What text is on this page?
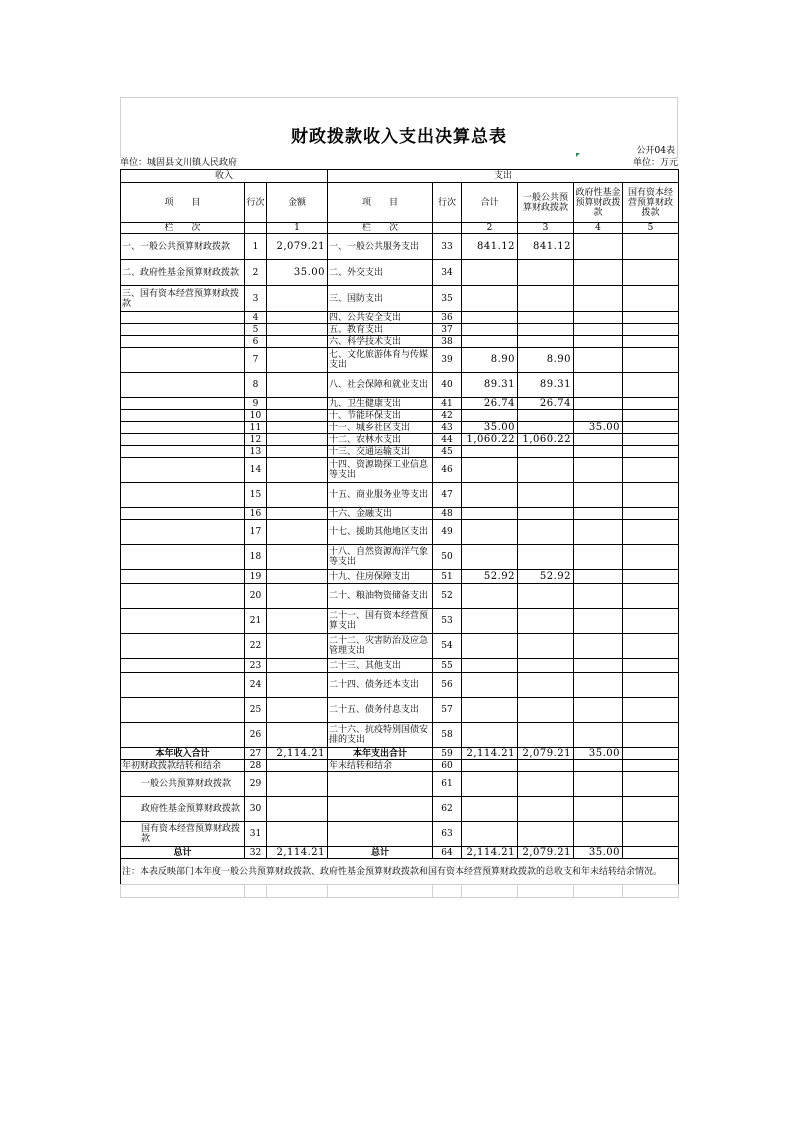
财政拨款收入支出决算总表
公开04表
单位：城固县文川镇人民政府	单位：万元
收入			支出					
项　　目	行次	金额	项　　目	行次	合计	一般公共预算财政拨款	政府性基金预算财政拨款	国有资本经营预算财政拨款
栏　　次		1	栏　　次		2	3	4	5
一、一般公共预算财政拨款	1	2,079.21	一、一般公共服务支出	33	841.12	841.12		
二、政府性基金预算财政拨款	2	35.00	二、外交支出	34				
三、国有资本经营预算财政拨款	3		三、国防支出	35				
	4		四、公共安全支出	36				
	5		五、教育支出	37				
	6		六、科学技术支出	38				
	7		七、文化旅游体育与传媒支出	39	8.90	8.90		
	8		八、社会保障和就业支出	40	89.31	89.31		
	9		九、卫生健康支出	41	26.74	26.74		
	10		十、节能环保支出	42				
	11		十一、城乡社区支出	43	35.00		35.00	
	12		十二、农林水支出	44	1,060.22	1,060.22		
	13		十三、交通运输支出	45				
	14		十四、资源勘探工业信息等支出	46				
	15		十五、商业服务业等支出	47				
	16		十六、金融支出	48				
	17		十七、援助其他地区支出	49				
	18		十八、自然资源海洋气象等支出	50				
	19		十九、住房保障支出	51	52.92	52.92		
	20		二十、粮油物资储备支出	52				
	21		二十一、国有资本经营预算支出	53				
	22		二十二、灾害防治及应急管理支出	54				
	23		二十三、其他支出	55				
	24		二十四、债务还本支出	56				
	25		二十五、债务付息支出	57				
	26		二十六、抗疫特别国债安排的支出	58				
本年收入合计	27	2,114.21	本年支出合计	59	2,114.21	2,079.21	35.00	
年初财政拨款结转和结余	28		年末结转和结余	60				
一般公共预算财政拨款	29			61				
政府性基金预算财政拨款	30			62				
国有资本经营预算财政拨款	31			63				
总计	32	2,114.21	总计	64	2,114.21	2,079.21	35.00	
注：本表反映部门本年度一般公共预算财政拨款、政府性基金预算财政拨款和国有资本经营预算财政拨款的总收支和年末结转结余情况。								
